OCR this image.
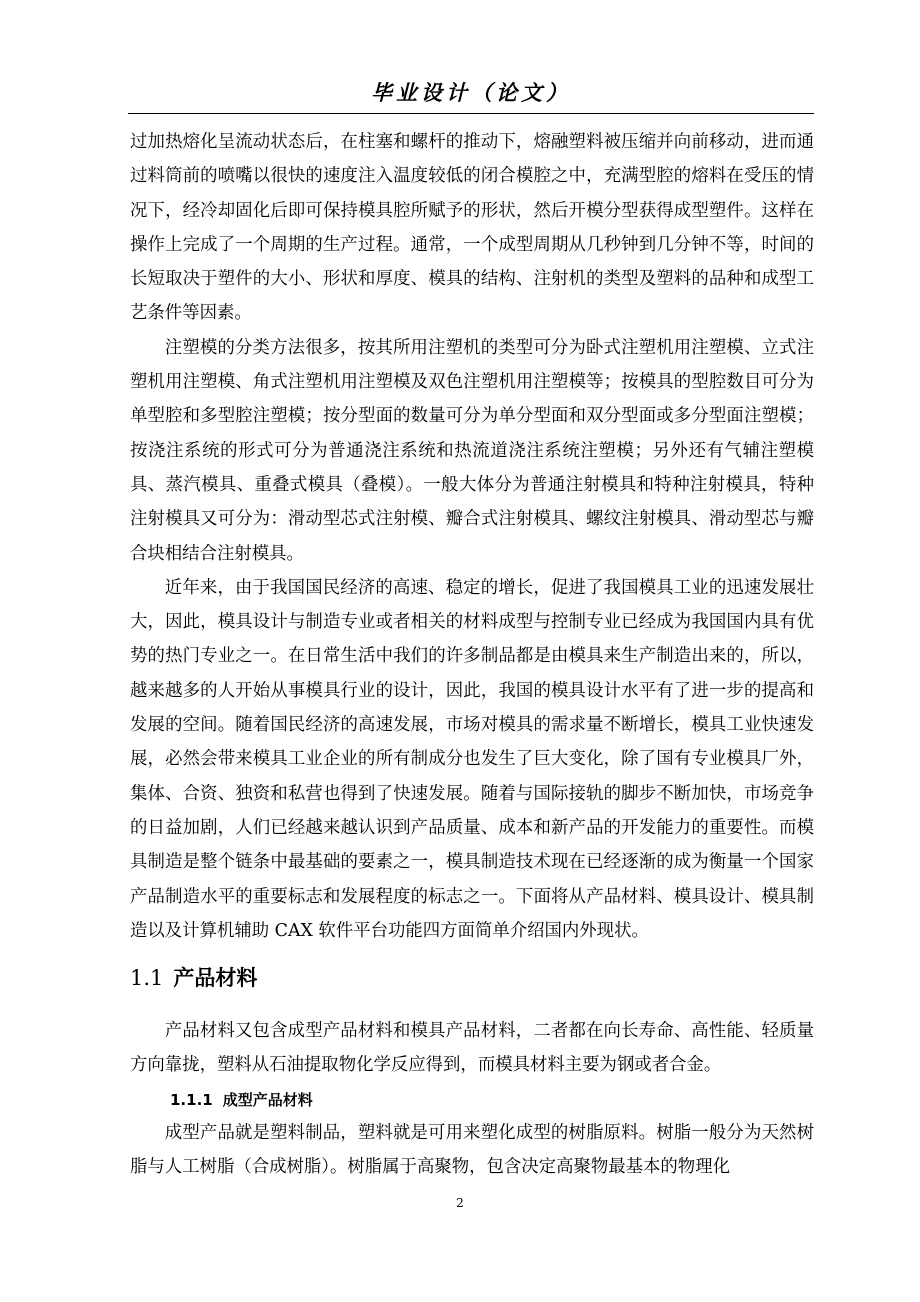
毕业设计（论文）

过加热熔化呈流动状态后，在柱塞和螺杆的推动下，熔融塑料被压缩并向前移动，进而通过料筒前的喷嘴以很快的速度注入温度较低的闭合模腔之中，充满型腔的熔料在受压的情况下，经冷却固化后即可保持模具腔所赋予的形状，然后开模分型获得成型塑件。这样在操作上完成了一个周期的生产过程。通常，一个成型周期从几秒钟到几分钟不等，时间的长短取决于塑件的大小、形状和厚度、模具的结构、注射机的类型及塑料的品种和成型工艺条件等因素。

注塑模的分类方法很多，按其所用注塑机的类型可分为卧式注塑机用注塑模、立式注塑机用注塑模、角式注塑机用注塑模及双色注塑机用注塑模等；按模具的型腔数目可分为单型腔和多型腔注塑模；按分型面的数量可分为单分型面和双分型面或多分型面注塑模；按浇注系统的形式可分为普通浇注系统和热流道浇注系统注塑模；另外还有气辅注塑模具、蒸汽模具、重叠式模具（叠模）。一般大体分为普通注射模具和特种注射模具，特种注射模具又可分为：滑动型芯式注射模、瓣合式注射模具、螺纹注射模具、滑动型芯与瓣合块相结合注射模具。

近年来，由于我国国民经济的高速、稳定的增长，促进了我国模具工业的迅速发展壮大，因此，模具设计与制造专业或者相关的材料成型与控制专业已经成为我国国内具有优势的热门专业之一。在日常生活中我们的许多制品都是由模具来生产制造出来的，所以，越来越多的人开始从事模具行业的设计，因此，我国的模具设计水平有了进一步的提高和发展的空间。随着国民经济的高速发展，市场对模具的需求量不断增长，模具工业快速发展，必然会带来模具工业企业的所有制成分也发生了巨大变化，除了国有专业模具厂外，集体、合资、独资和私营也得到了快速发展。随着与国际接轨的脚步不断加快，市场竞争的日益加剧，人们已经越来越认识到产品质量、成本和新产品的开发能力的重要性。而模具制造是整个链条中最基础的要素之一，模具制造技术现在已经逐渐的成为衡量一个国家产品制造水平的重要标志和发展程度的标志之一。下面将从产品材料、模具设计、模具制造以及计算机辅助 CAX 软件平台功能四方面简单介绍国内外现状。

1.1 产品材料

产品材料又包含成型产品材料和模具产品材料，二者都在向长寿命、高性能、轻质量方向靠拢，塑料从石油提取物化学反应得到，而模具材料主要为钢或者合金。

1.1.1 成型产品材料

成型产品就是塑料制品，塑料就是可用来塑化成型的树脂原料。树脂一般分为天然树脂与人工树脂（合成树脂）。树脂属于高聚物，包含决定高聚物最基本的物理化

2
